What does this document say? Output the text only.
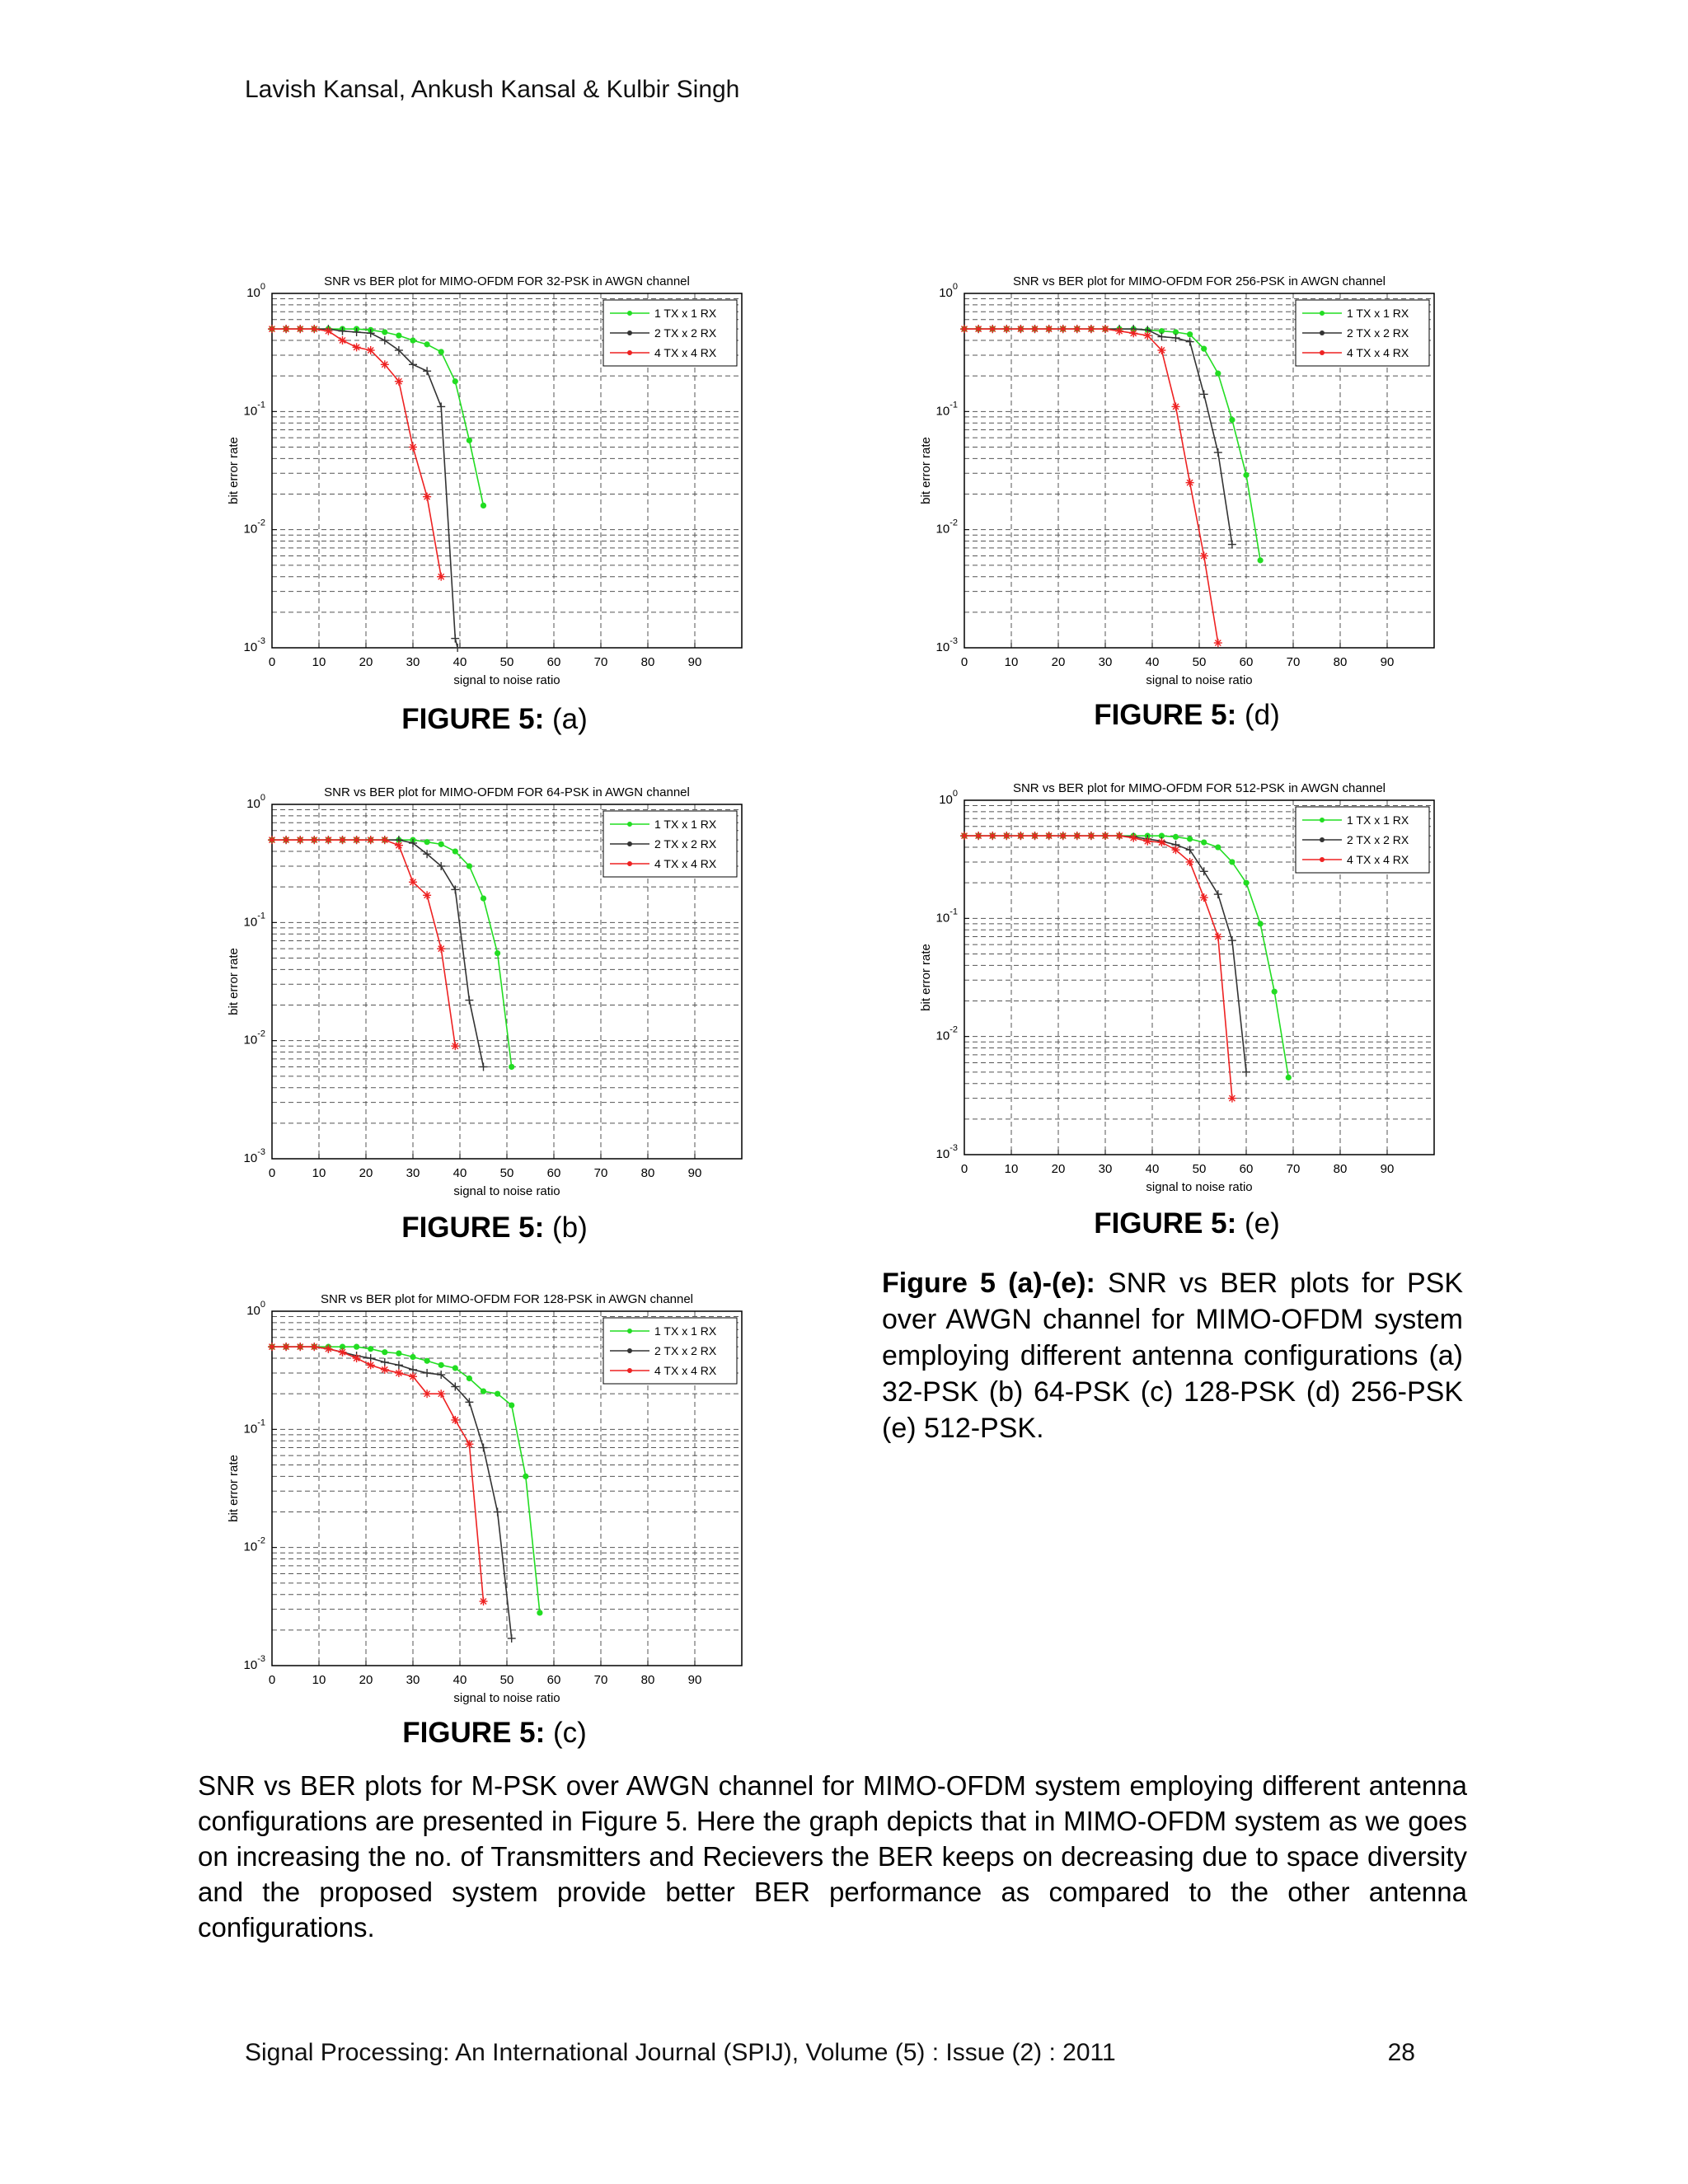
Lavish Kansal, Ankush Kansal & Kulbir Singh
0	10	20	30	40	50	60	70	80	90
$10^{-3}$
$10^{-2}$
$10^{-1}$
$10^0$	SNR vs BER plot for MIMO-OFDM FOR 32-PSK in AWGN channel
signal to noise ratio
bit error rate
1 TX x 1 RX
2 TX x 2 RX
4 TX x 4 RX
0	10	20	30	40	50	60	70	80	90
$10^{-3}$
$10^{-2}$
$10^{-1}$
$10^0$	SNR vs BER plot for MIMO-OFDM FOR 64-PSK in AWGN channel
signal to noise ratio
bit error rate
1 TX x 1 RX
2 TX x 2 RX
4 TX x 4 RX
0	10	20	30	40	50	60	70	80	90
$10^{-3}$
$10^{-2}$
$10^{-1}$
$10^0$	SNR vs BER plot for MIMO-OFDM FOR 128-PSK in AWGN channel
signal to noise ratio
bit error rate
1 TX x 1 RX
2 TX x 2 RX
4 TX x 4 RX
0	10	20	30	40	50	60	70	80	90
$10^{-3}$
$10^{-2}$
$10^{-1}$
$10^0$	SNR vs BER plot for MIMO-OFDM FOR 256-PSK in AWGN channel
signal to noise ratio
bit error rate
1 TX x 1 RX
2 TX x 2 RX
4 TX x 4 RX
0	10	20	30	40	50	60	70	80	90
$10^{-3}$
$10^{-2}$
$10^{-1}$
$10^0$	SNR vs BER plot for MIMO-OFDM FOR 512-PSK in AWGN channel
signal to noise ratio
bit error rate
1 TX x 1 RX
2 TX x 2 RX
4 TX x 4 RX
FIGURE 5: (a)
FIGURE 5: (b)
FIGURE 5: (c)
FIGURE 5: (d)
FIGURE 5: (e)
Figure 5 (a)-(e): SNR vs BER plots for PSK over AWGN channel for MIMO-OFDM system employing different antenna configurations (a) 32-PSK (b) 64-PSK (c) 128-PSK (d) 256-PSK (e) 512-PSK.
SNR vs BER plots for M-PSK over AWGN channel for MIMO-OFDM system employing different antenna configurations are presented in Figure 5. Here the graph depicts that in MIMO-OFDM system as we goes on increasing the no. of Transmitters and Recievers the BER keeps on decreasing due to space diversity and the proposed system provide better BER performance as compared to the other antenna configurations.
Signal Processing: An International Journal (SPIJ), Volume (5) : Issue (2) : 2011	28
